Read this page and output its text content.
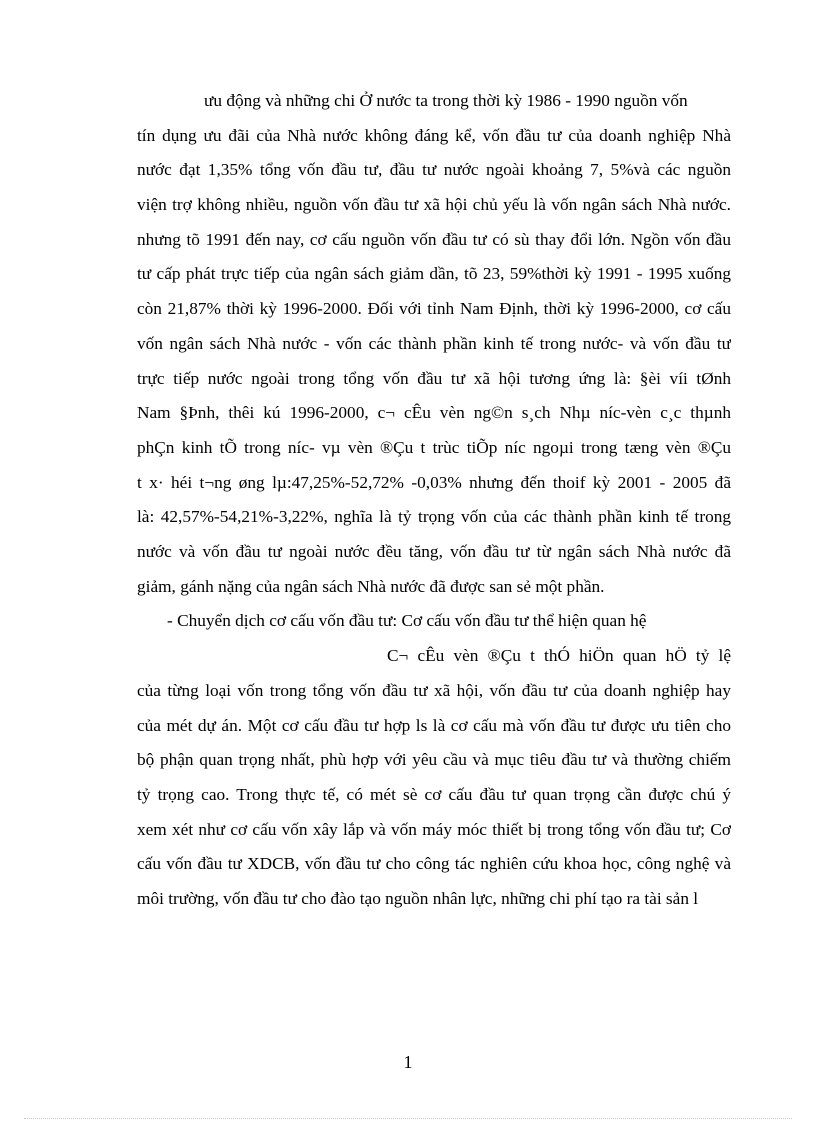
ưu động và những chi Ở nước ta trong thời kỳ 1986 - 1990 nguồn vốn
tín dụng ưu đãi của Nhà nước không đáng kể, vốn đầu tư của doanh nghiệp Nhà
nước đạt 1,35% tổng vốn đầu tư, đầu tư nước ngoài khoảng 7, 5%và các nguồn
viện trợ không nhiều, nguồn vốn đầu tư xã hội chủ yếu là vốn ngân sách Nhà nước.
nhưng tõ 1991 đến nay, cơ cấu nguồn vốn đầu tư có sù thay đổi lớn. Ngồn vốn đầu
tư cấp phát trực tiếp của ngân sách giảm dần, tõ 23, 59%thời kỳ 1991 - 1995 xuống
còn 21,87% thời kỳ 1996-2000. Đối với tỉnh Nam Định, thời kỳ 1996-2000, cơ cấu
vốn ngân sách Nhà nước - vốn các thành phần kinh tế trong nước- và vốn đầu tư
trực tiếp nước ngoài trong tổng vốn đầu tư xã hội tương ứng là: §èi víi tØnh
Nam §Þnh, thêi kú 1996-2000, c¬ cÊu vèn ng©n s¸ch Nhµ níc-vèn c¸c thµnh
phÇn kinh tÕ trong níc- vµ vèn ®Çu t trùc tiÕp níc ngoµi trong tæng vèn ®Çu
t x· héi t¬ng øng lµ:47,25%-52,72% -0,03% nhưng đến thoif kỳ 2001 - 2005 đã
là: 42,57%-54,21%-3,22%, nghĩa là tỷ trọng vốn của các thành phần kinh tế trong
nước và vốn đầu tư ngoài nước đều tăng, vốn đầu tư từ ngân sách Nhà nước đã
giảm, gánh nặng của ngân sách Nhà nước đã được san sẻ một phần.
- Chuyển dịch cơ cấu vốn đầu tư: Cơ cấu vốn đầu tư thể hiện quan hệ
C¬ cÊu vèn ®Çu t thÓ hiÖn quan hÖ tỷ lệ
của từng loại vốn trong tổng vốn đầu tư xã hội, vốn đầu tư của doanh nghiệp hay
của mét dự án. Một cơ cấu đầu tư hợp ls là cơ cấu mà vốn đầu tư được ưu tiên cho
bộ phận quan trọng nhất, phù hợp với yêu cầu và mục tiêu đầu tư và thường chiếm
tỷ trọng cao. Trong thực tế, có mét sè cơ cấu đầu tư quan trọng cần được chú ý
xem xét như cơ cấu vốn xây lắp và vốn máy móc thiết bị trong tổng vốn đầu tư; Cơ
cấu vốn đầu tư XDCB, vốn đầu tư cho công tác nghiên cứu khoa học, công nghệ và
môi trường, vốn đầu tư cho đào tạo nguồn nhân lực, những chi phí tạo ra tài sản l
1
